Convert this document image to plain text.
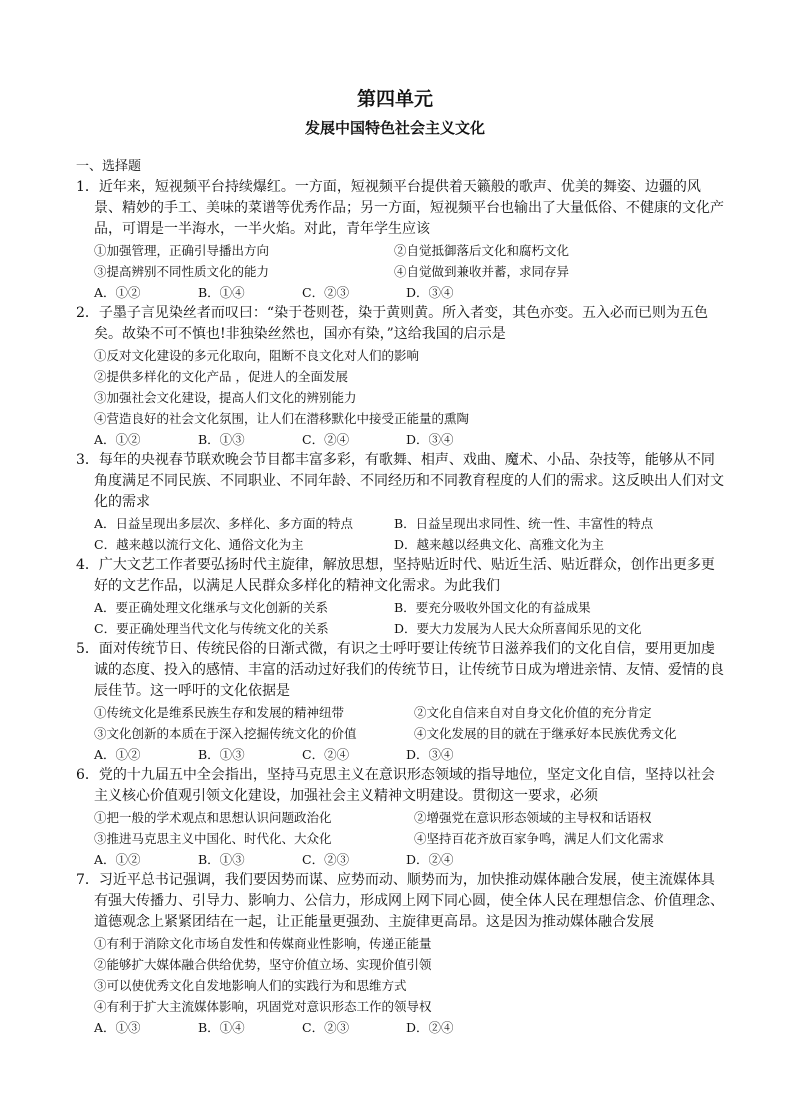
第四单元
发展中国特色社会主义文化
一、选择题
1．近年来，短视频平台持续爆红。一方面，短视频平台提供着天籁般的歌声、优美的舞姿、边疆的风景、精妙的手工、美味的菜谱等优秀作品；另一方面，短视频平台也输出了大量低俗、不健康的文化产品，可谓是一半海水，一半火焰。对此，青年学生应该
①加强管理，正确引导播出方向	②自觉抵御落后文化和腐朽文化
③提高辨别不同性质文化的能力	④自觉做到兼收并蓄，求同存异
A．①②	B．①④	C．②③	D．③④
2．子墨子言见染丝者而叹曰：“染于苍则苍，染于黄则黄。所入者变，其色亦变。五入必而已则为五色矣。故染不可不慎也!非独染丝然也，国亦有染，”这给我国的启示是
①反对文化建设的多元化取向，阻断不良文化对人们的影响
②提供多样化的文化产品 ，促进人的全面发展
③加强社会文化建设，提高人们文化的辨别能力
④营造良好的社会文化氛围，让人们在潜移默化中接受正能量的熏陶
A．①②	B．①③	C．②④	D．③④
3．每年的央视春节联欢晚会节目都丰富多彩，有歌舞、相声、戏曲、魔术、小品、杂技等，能够从不同角度满足不同民族、不同职业、不同年龄、不同经历和不同教育程度的人们的需求。这反映出人们对文化的需求
A．日益呈现出多层次、多样化、多方面的特点	B．日益呈现出求同性、统一性、丰富性的特点
C．越来越以流行文化、通俗文化为主	D．越来越以经典文化、高雅文化为主
4．广大文艺工作者要弘扬时代主旋律，解放思想，坚持贴近时代、贴近生活、贴近群众，创作出更多更好的文艺作品，以满足人民群众多样化的精神文化需求。为此我们
A．要正确处理文化继承与文化创新的关系	B．要充分吸收外国文化的有益成果
C．要正确处理当代文化与传统文化的关系	D．要大力发展为人民大众所喜闻乐见的文化
5．面对传统节日、传统民俗的日渐式微，有识之士呼吁要让传统节日滋养我们的文化自信，要用更加虔诚的态度、投入的感情、丰富的活动过好我们的传统节日，让传统节日成为增进亲情、友情、爱情的良辰佳节。这一呼吁的文化依据是
①传统文化是维系民族生存和发展的精神纽带	②文化自信来自对自身文化价值的充分肯定
③文化创新的本质在于深入挖掘传统文化的价值	④文化发展的目的就在于继承好本民族优秀文化
A．①②	B．①③	C．②④	D．③④
6．党的十九届五中全会指出，坚持马克思主义在意识形态领域的指导地位，坚定文化自信，坚持以社会主义核心价值观引领文化建设，加强社会主义精神文明建设。贯彻这一要求，必须
①把一般的学术观点和思想认识问题政治化	②增强党在意识形态领域的主导权和话语权
③推进马克思主义中国化、时代化、大众化	④坚持百花齐放百家争鸣，满足人们文化需求
A．①②	B．①③	C．②③	D．②④
7．习近平总书记强调，我们要因势而谋、应势而动、顺势而为，加快推动媒体融合发展，使主流媒体具有强大传播力、引导力、影响力、公信力，形成网上网下同心圆，使全体人民在理想信念、价值理念、道德观念上紧紧团结在一起，让正能量更强劲、主旋律更高昂。这是因为推动媒体融合发展
①有利于消除文化市场自发性和传媒商业性影响，传递正能量
②能够扩大媒体融合供给优势，坚守价值立场、实现价值引领
③可以使优秀文化自发地影响人们的实践行为和思维方式
④有利于扩大主流媒体影响，巩固党对意识形态工作的领导权
A．①③	B．①④	C．②③	D．②④
